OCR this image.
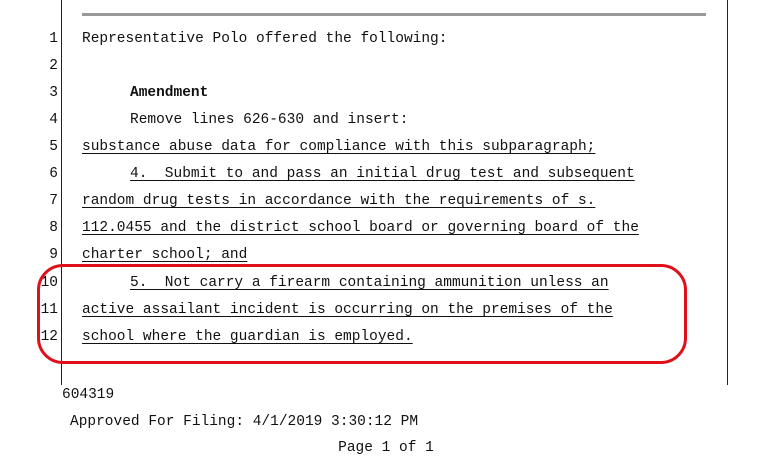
1
2
3
4
5
6
7
8
9
10
11
12
Representative Polo offered the following:
Amendment
Remove lines 626-630 and insert:
substance abuse data for compliance with this subparagraph;
4.  Submit to and pass an initial drug test and subsequent
random drug tests in accordance with the requirements of s.
112.0455 and the district school board or governing board of the
charter school; and
5.  Not carry a firearm containing ammunition unless an
active assailant incident is occurring on the premises of the
school where the guardian is employed.
604319
Approved For Filing: 4/1/2019 3:30:12 PM
Page 1 of 1
